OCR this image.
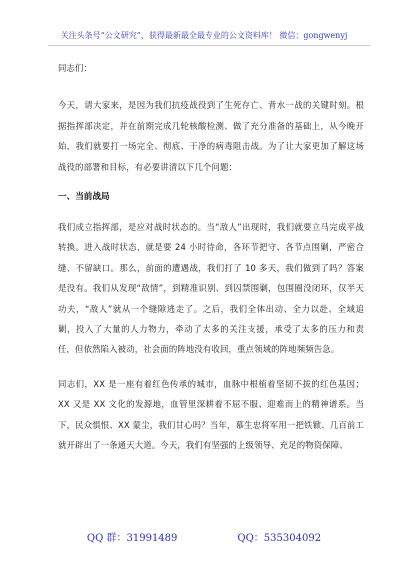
关注头条号“公文研究”，获得最新最全最专业的公文资料库！ 微信：gongwenyj

同志们：

今天，请大家来，是因为我们抗疫战役到了生死存亡、背水一战的关键时刻。根据指挥部决定，并在前期完成几轮核酸检测、做了充分准备的基础上，从今晚开始，我们就要打一场完全、彻底、干净的病毒阻击战。为了让大家更加了解这场战役的部署和目标，有必要讲清以下几个问题：

一、当前战局

我们成立指挥部，是应对战时状态的。当“敌人”出现时，我们就要立马完成平战转换。进入战时状态，就是要 24 小时待命，各环节把守、各节点围剿，严密合缝、不留缺口。那么，前面的遭遇战，我们打了 10 多天，我们做到了吗？答案是没有。我们从发现“敌情”，到精准识别、到囚禁围剿，包围圈没闭环，仅半天功夫，“敌人”就从一个缝隙逃走了。之后，我们全体出动、全力以赴、全域追剿，投入了大量的人力物力，牵动了太多的关注支援，承受了太多的压力和责任，但依然陷入被动，社会面的阵地没有收回，重点领域的阵地频频告急。

同志们，XX 是一座有着红色传承的城市，血脉中根植着坚韧不拔的红色基因；XX 又是 XX 文化的发源地，血管里深耕着不屈不服、迎难而上的精神谱系。当下，民众惧恨、XX 蒙尘，我们甘心吗？当年，慕生忠将军用一把铁锨、几百前工就开辟出了一条通天大道。今天，我们有坚强的上级领导、充足的物资保障、

QQ 群：31991489	QQ：535304092
